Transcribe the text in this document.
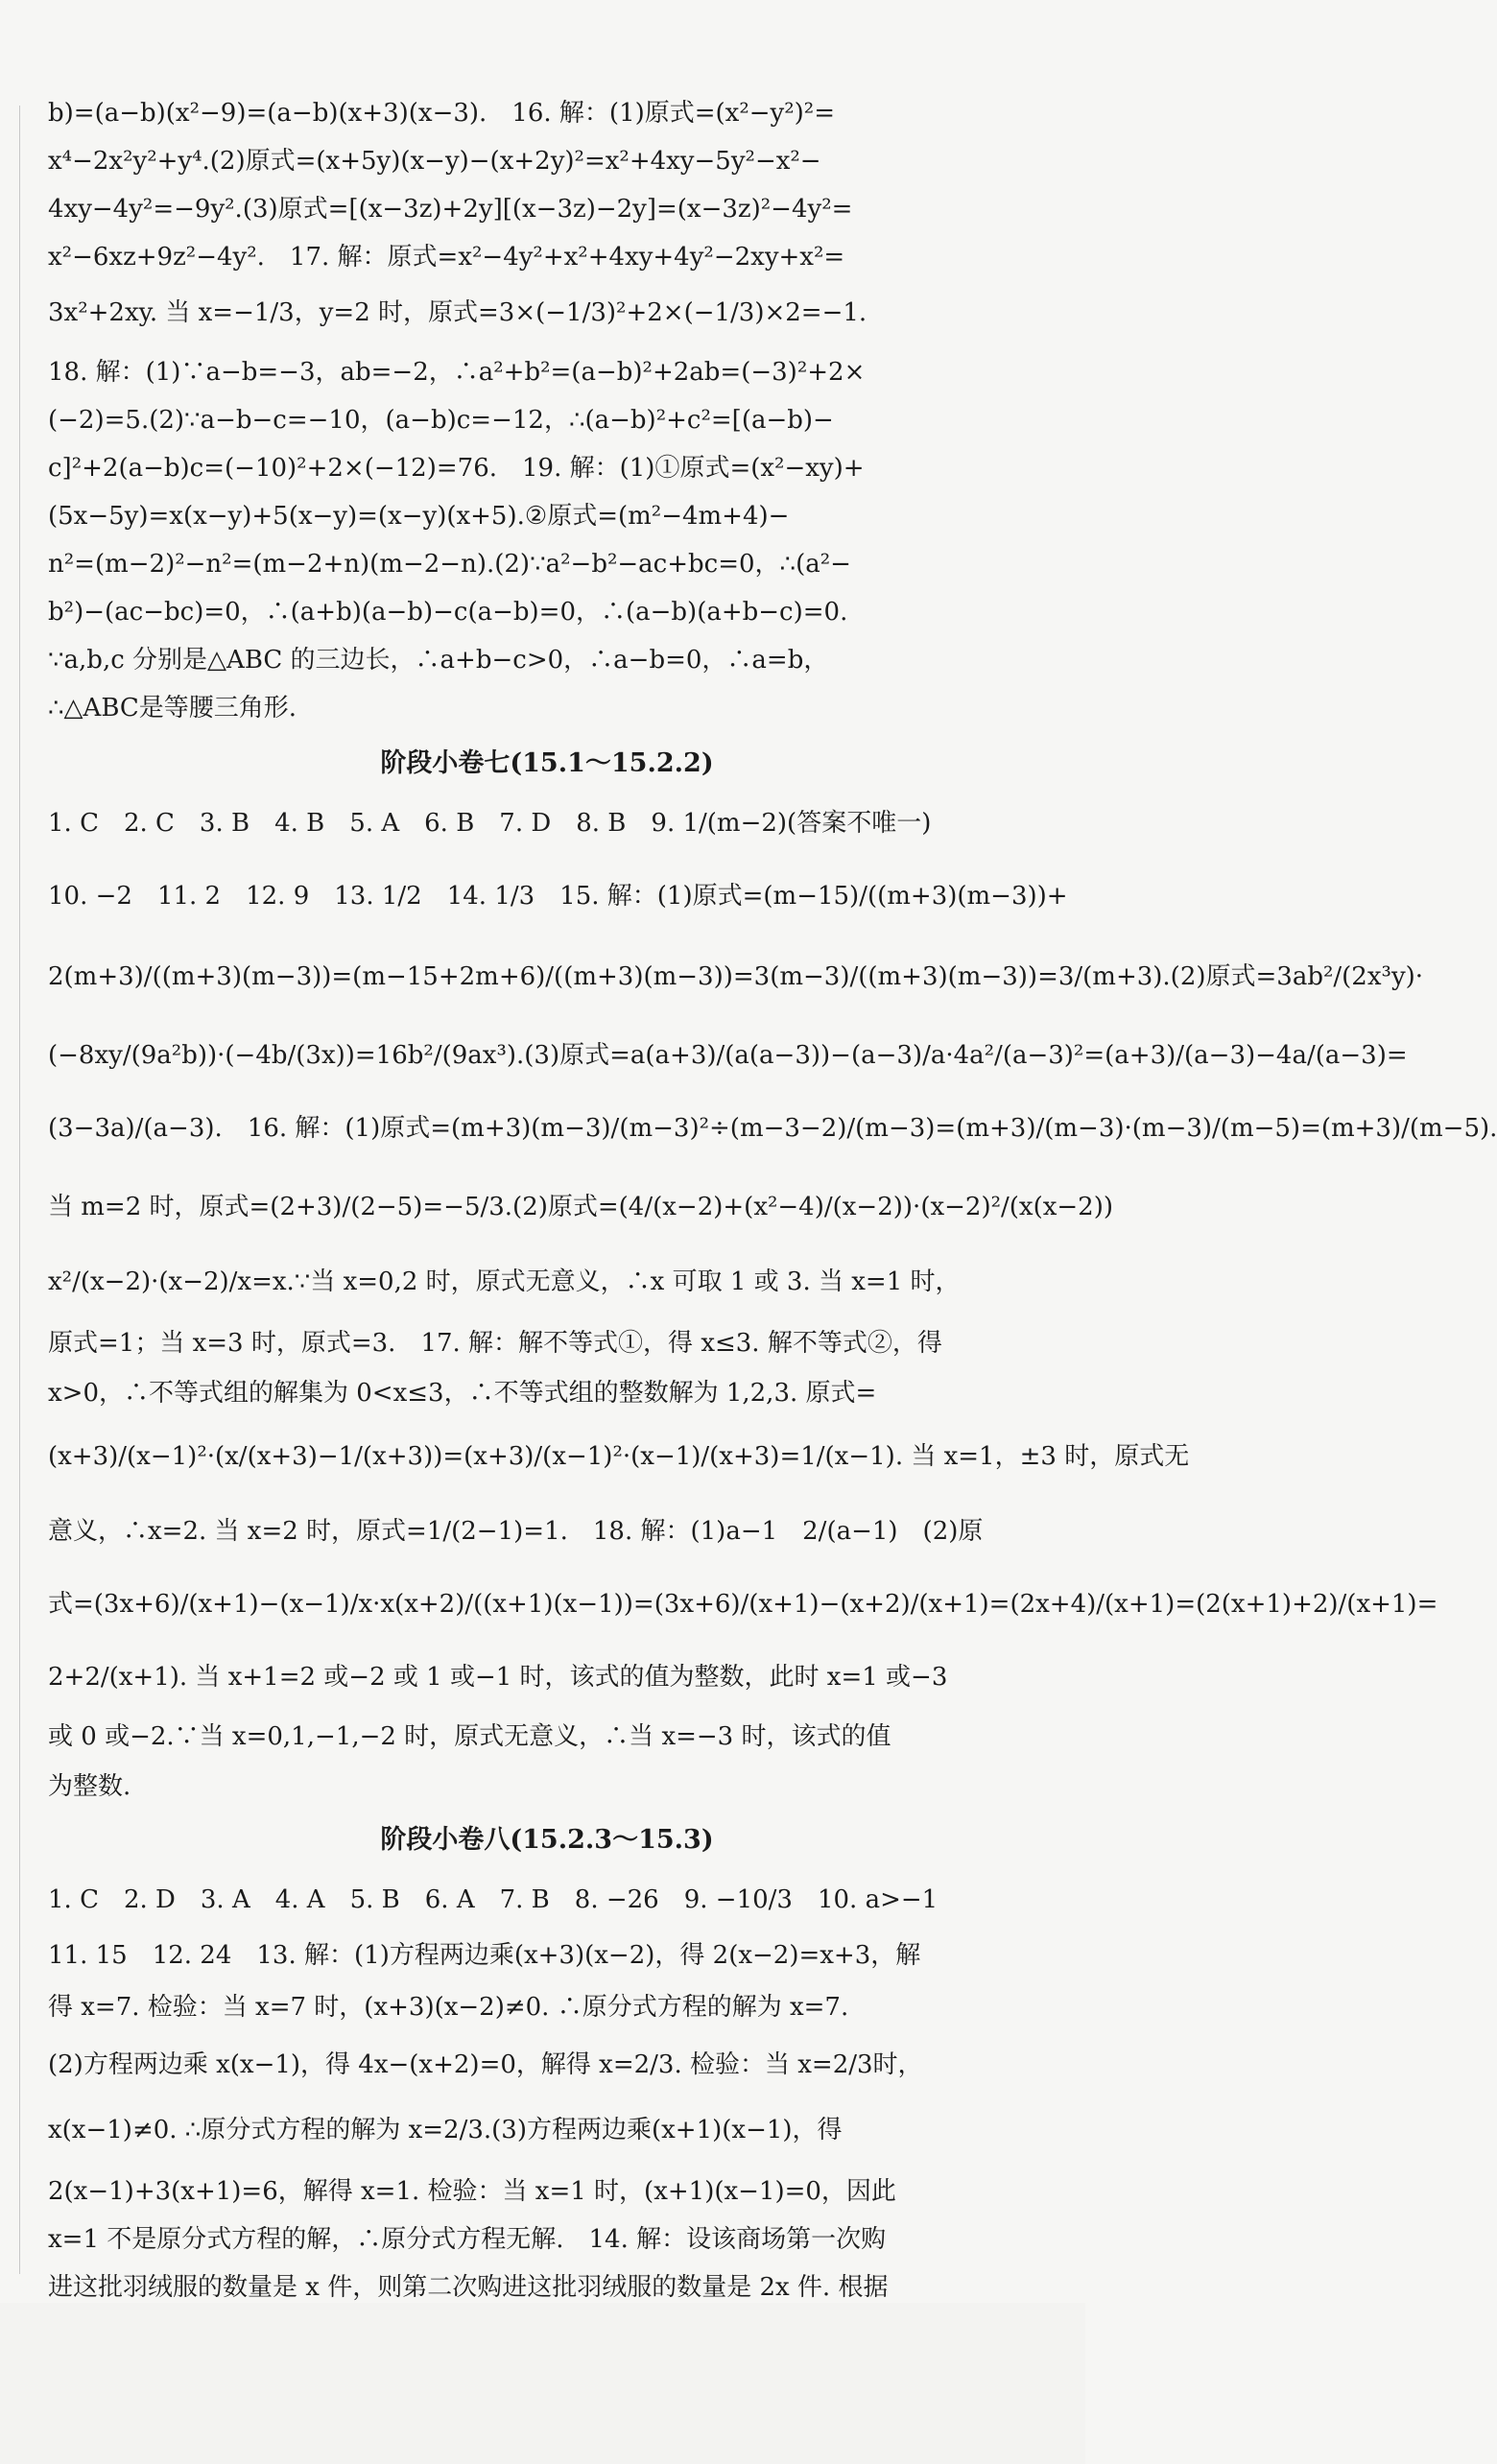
b)=(a−b)(x²−9)=(a−b)(x+3)(x−3).　16. 解：(1)原式=(x²−y²)²=
x⁴−2x²y²+y⁴.(2)原式=(x+5y)(x−y)−(x+2y)²=x²+4xy−5y²−x²−
4xy−4y²=−9y².(3)原式=[(x−3z)+2y][(x−3z)−2y]=(x−3z)²−4y²=
x²−6xz+9z²−4y².　17. 解：原式=x²−4y²+x²+4xy+4y²−2xy+x²=
3x²+2xy. 当 x=−1/3，y=2 时，原式=3×(−1/3)²+2×(−1/3)×2=−1.
18. 解：(1)∵a−b=−3，ab=−2，∴a²+b²=(a−b)²+2ab=(−3)²+2×
(−2)=5.(2)∵a−b−c=−10，(a−b)c=−12，∴(a−b)²+c²=[(a−b)−
c]²+2(a−b)c=(−10)²+2×(−12)=76.　19. 解：(1)①原式=(x²−xy)+
(5x−5y)=x(x−y)+5(x−y)=(x−y)(x+5).②原式=(m²−4m+4)−
n²=(m−2)²−n²=(m−2+n)(m−2−n).(2)∵a²−b²−ac+bc=0，∴(a²−
b²)−(ac−bc)=0，∴(a+b)(a−b)−c(a−b)=0，∴(a−b)(a+b−c)=0.
∵a,b,c 分别是△ABC 的三边长，∴a+b−c>0，∴a−b=0，∴a=b，
∴△ABC是等腰三角形.
阶段小卷七(15.1～15.2.2)
1. C　2. C　3. B　4. B　5. A　6. B　7. D　8. B　9. 1/(m−2)(答案不唯一)
10. −2　11. 2　12. 9　13. 1/2　14. 1/3　15. 解：(1)原式=(m−15)/((m+3)(m−3))+
2(m+3)/((m+3)(m−3))=(m−15+2m+6)/((m+3)(m−3))=3(m−3)/((m+3)(m−3))=3/(m+3).(2)原式=3ab²/(2x³y)·
(−8xy/(9a²b))·(−4b/(3x))=16b²/(9ax³).(3)原式=a(a+3)/(a(a−3))−(a−3)/a·4a²/(a−3)²=(a+3)/(a−3)−4a/(a−3)=
(3−3a)/(a−3).　16. 解：(1)原式=(m+3)(m−3)/(m−3)²÷(m−3−2)/(m−3)=(m+3)/(m−3)·(m−3)/(m−5)=(m+3)/(m−5).
当 m=2 时，原式=(2+3)/(2−5)=−5/3.(2)原式=(4/(x−2)+(x²−4)/(x−2))·(x−2)²/(x(x−2))
x²/(x−2)·(x−2)/x=x.∵当 x=0,2 时，原式无意义，∴x 可取 1 或 3. 当 x=1 时，
原式=1；当 x=3 时，原式=3.　17. 解：解不等式①，得 x≤3. 解不等式②，得
x>0，∴不等式组的解集为 0<x≤3，∴不等式组的整数解为 1,2,3. 原式=
(x+3)/(x−1)²·(x/(x+3)−1/(x+3))=(x+3)/(x−1)²·(x−1)/(x+3)=1/(x−1). 当 x=1，±3 时，原式无
意义，∴x=2. 当 x=2 时，原式=1/(2−1)=1.　18. 解：(1)a−1　2/(a−1)　(2)原
式=(3x+6)/(x+1)−(x−1)/x·x(x+2)/((x+1)(x−1))=(3x+6)/(x+1)−(x+2)/(x+1)=(2x+4)/(x+1)=(2(x+1)+2)/(x+1)=
2+2/(x+1). 当 x+1=2 或−2 或 1 或−1 时，该式的值为整数，此时 x=1 或−3
或 0 或−2.∵当 x=0,1,−1,−2 时，原式无意义，∴当 x=−3 时，该式的值
为整数.
阶段小卷八(15.2.3～15.3)
1. C　2. D　3. A　4. A　5. B　6. A　7. B　8. −26　9. −10/3　10. a>−1
11. 15　12. 24　13. 解：(1)方程两边乘(x+3)(x−2)，得 2(x−2)=x+3，解
得 x=7. 检验：当 x=7 时，(x+3)(x−2)≠0. ∴原分式方程的解为 x=7.
(2)方程两边乘 x(x−1)，得 4x−(x+2)=0，解得 x=2/3. 检验：当 x=2/3时，
x(x−1)≠0. ∴原分式方程的解为 x=2/3.(3)方程两边乘(x+1)(x−1)，得
2(x−1)+3(x+1)=6，解得 x=1. 检验：当 x=1 时，(x+1)(x−1)=0，因此
x=1 不是原分式方程的解，∴原分式方程无解.　14. 解：设该商场第一次购
进这批羽绒服的数量是 x 件，则第二次购进这批羽绒服的数量是 2x 件. 根据
